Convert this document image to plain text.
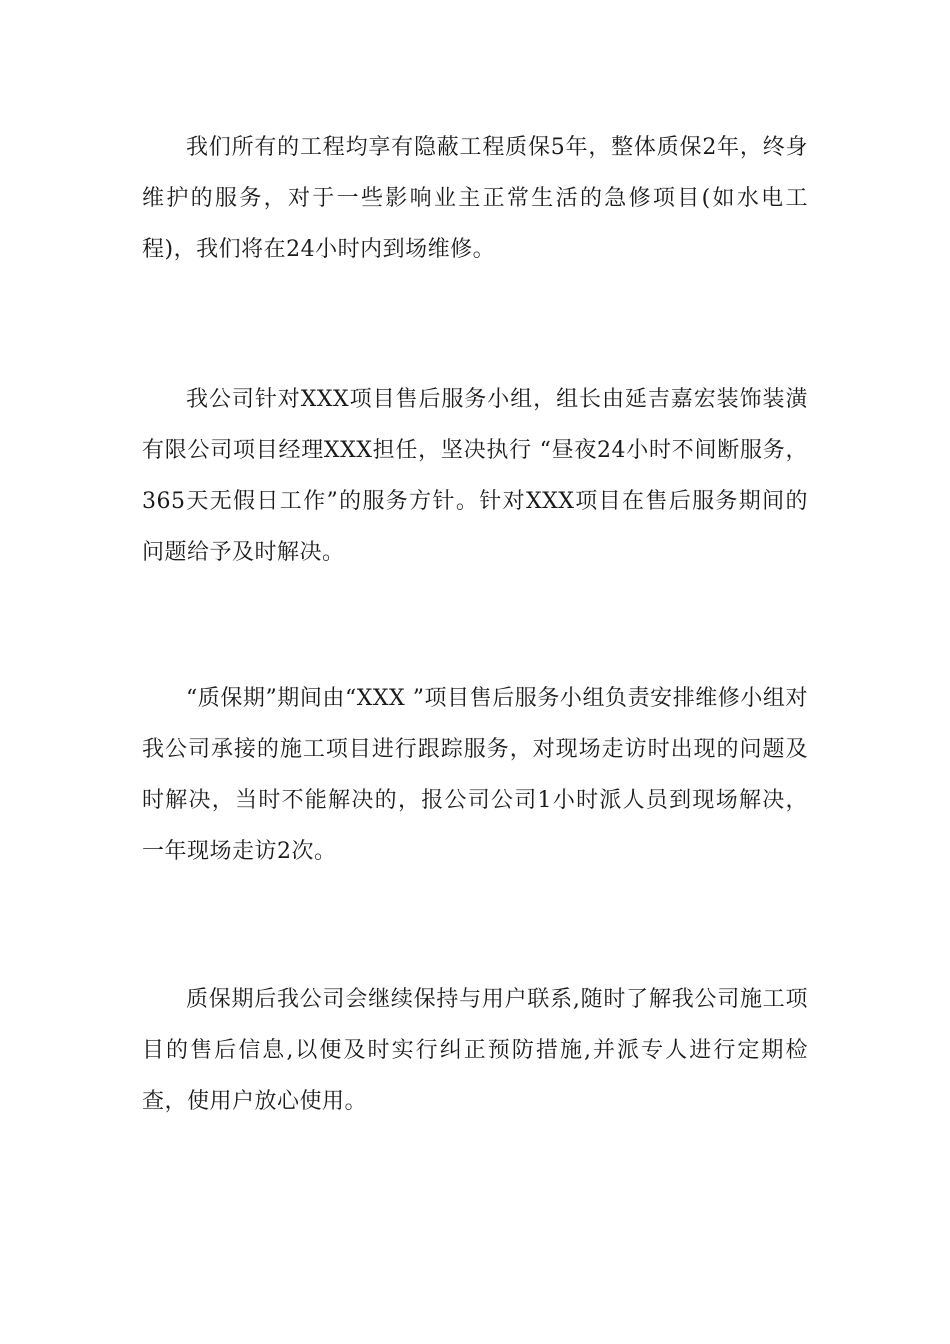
我们所有的工程均享有隐蔽工程质保5年，整体质保2年，终身维护的服务，对于一些影响业主正常生活的急修项目(如水电工程)，我们将在24小时内到场维修。

我公司针对XXX项目售后服务小组，组长由延吉嘉宏装饰装潢有限公司项目经理XXX担任，坚决执行 “昼夜24小时不间断服务，365天无假日工作”的服务方针。针对XXX项目在售后服务期间的问题给予及时解决。

“质保期”期间由“XXX ”项目售后服务小组负责安排维修小组对我公司承接的施工项目进行跟踪服务，对现场走访时出现的问题及时解决，当时不能解决的，报公司公司1小时派人员到现场解决，一年现场走访2次。

质保期后我公司会继续保持与用户联系,随时了解我公司施工项目的售后信息,以便及时实行纠正预防措施,并派专人进行定期检查，使用户放心使用。
